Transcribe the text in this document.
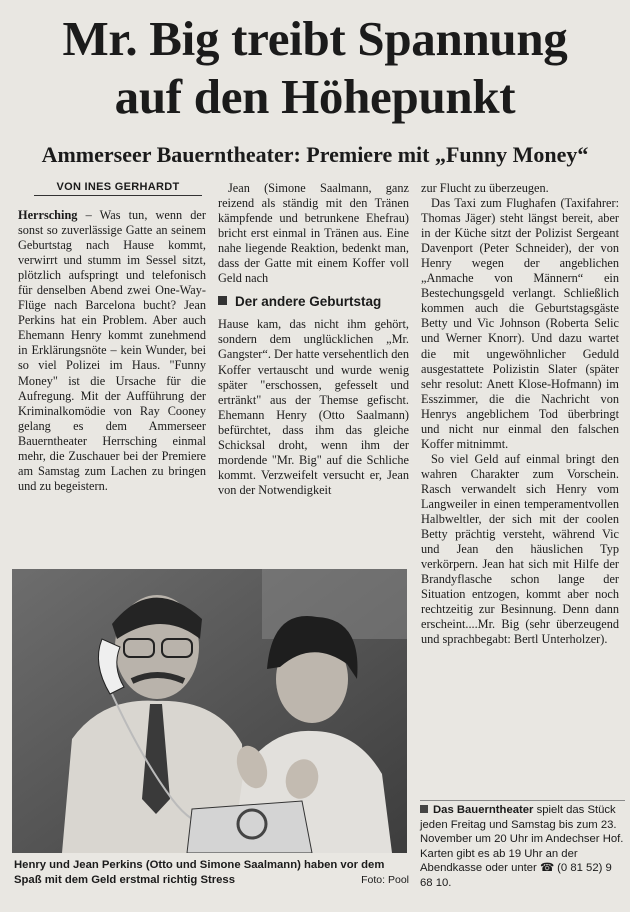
Mr. Big treibt Spannung
auf den Höhepunkt
Ammerseer Bauerntheater: Premiere mit „Funny Money“
VON INES GERHARDT

Herrsching – Was tun, wenn der sonst so zuverlässige Gatte an seinem Geburtstag nach Hause kommt, verwirrt und stumm im Sessel sitzt, plötzlich aufspringt und telefonisch für denselben Abend zwei One-Way-Flüge nach Barcelona bucht? Jean Perkins hat ein Problem. Aber auch Ehemann Henry kommt zunehmend in Erklärungsnöte – kein Wunder, bei so viel Polizei im Haus. "Funny Money" ist die Ursache für die Aufregung. Mit der Aufführung der Kriminalkomödie von Ray Cooney gelang es dem Ammerseer Bauerntheater Herrsching einmal mehr, die Zuschauer bei der Premiere am Samstag zum Lachen zu bringen und zu begeistern.

Jean (Simone Saalmann, ganz reizend als ständig mit den Tränen kämpfende und betrunkene Ehefrau) bricht erst einmal in Tränen aus. Eine nahe liegende Reaktion, bedenkt man, dass der Gatte mit einem Koffer voll Geld nach

Der andere Geburtstag

Hause kam, das nicht ihm gehört, sondern dem unglücklichen „Mr. Gangster“. Der hatte versehentlich den Koffer vertauscht und wurde wenig später "erschossen, gefesselt und ertränkt" aus der Themse gefischt. Ehemann Henry (Otto Saalmann) befürchtet, dass ihm das gleiche Schicksal droht, wenn ihm der mordende "Mr. Big" auf die Schliche kommt. Verzweifelt versucht er, Jean von der Notwendigkeit

zur Flucht zu überzeugen.

Das Taxi zum Flughafen (Taxifahrer: Thomas Jäger) steht längst bereit, aber in der Küche sitzt der Polizist Sergeant Davenport (Peter Schneider), der von Henry wegen der angeblichen „Anmache von Männern“ ein Bestechungsgeld verlangt. Schließlich kommen auch die Geburtstagsgäste Betty und Vic Johnson (Roberta Selic und Werner Knorr). Und dazu wartet die mit ungewöhnlicher Geduld ausgestattete Polizistin Slater (später sehr resolut: Anett Klose-Hofmann) im Esszimmer, die die Nachricht von Henrys angeblichem Tod überbringt und nicht nur einmal den falschen Koffer mitnimmt.

So viel Geld auf einmal bringt den wahren Charakter zum Vorschein. Rasch verwandelt sich Henry vom Langweiler in einen temperamentvollen Halbweltler, der sich mit der coolen Betty prächtig versteht, während Vic und Jean den häuslichen Typ verkörpern. Jean hat sich mit Hilfe der Brandyflasche schon lange der Situation entzogen, kommt aber noch rechtzeitig zur Besinnung. Denn dann erscheint....Mr. Big (sehr überzeugend und sprachbegabt: Bertl Unterholzer).

Henry und Jean Perkins (Otto und Simone Saalmann) haben vor dem Spaß mit dem Geld erstmal richtig Stress	Foto: Pool
Das Bauerntheater spielt das Stück jeden Freitag und Samstag bis zum 23. November um 20 Uhr im Andechser Hof. Karten gibt es ab 19 Uhr an der Abendkasse oder unter ☎ (0 81 52) 9 68 10.
